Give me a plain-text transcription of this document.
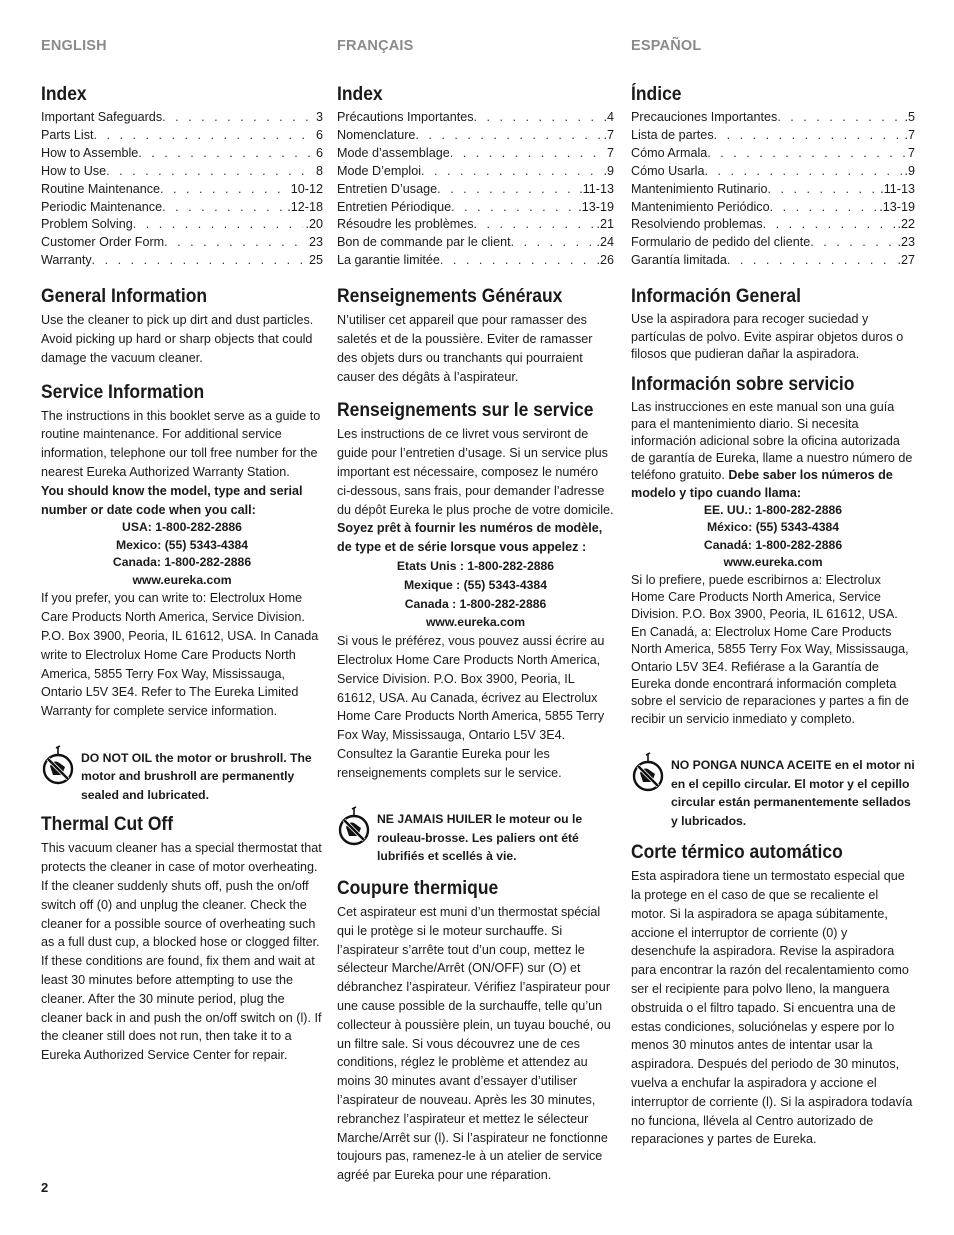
ENGLISH
Index
Important Safeguards . . .	3
Parts List . . .	6
How to Assemble . . .	6
How to Use . . .	8
Routine Maintenance . . .	10-12
Periodic Maintenance . . .	.12-18
Problem Solving . . .	.20
Customer Order Form . . .	23
Warranty . . .	25
General Information

Use the cleaner to pick up dirt and dust particles. Avoid picking up hard or sharp objects that could damage the vacuum cleaner.

Service Information

The instructions in this booklet serve as a guide to routine maintenance. For additional service information, telephone our toll free number for the nearest Eureka Authorized Warranty Station.
You should know the model, type and serial number or date code when you call:

USA: 1-800-282-2886
Mexico: (55) 5343-4384
Canada: 1-800-282-2886
www.eureka.com

If you prefer, you can write to: Electrolux Home Care Products North America, Service Division. P.O. Box 3900, Peoria, IL 61612, USA. In Canada write to Electrolux Home Care Products North America, 5855 Terry Fox Way, Mississauga, Ontario L5V 3E4. Refer to The Eureka Limited Warranty for complete service information.

DO NOT OIL the motor or brushroll. The motor and brushroll are permanently sealed and lubricated.

Thermal Cut Off

This vacuum cleaner has a special thermostat that protects the cleaner in case of motor overheating. If the cleaner suddenly shuts off, push the on/off switch off (0) and unplug the cleaner. Check the cleaner for a possible source of overheating such as a full dust cup, a blocked hose or clogged filter. If these conditions are found, fix them and wait at least 30 minutes before attempting to use the cleaner. After the 30 minute period, plug the cleaner back in and push the on/off switch on (l). If the cleaner still does not run, then take it to a Eureka Authorized Service Center for repair.

FRANÇAIS
Index
Précautions Importantes . . .	.4
Nomenclature . . .	.7
Mode d’assemblage . . .	7
Mode D’emploi . . .	.9
Entretien D’usage . . .	.11-13
Entretien Périodique . . .	.13-19
Résoudre les problèmes . . .	.21
Bon de commande par le client . . .	.24
La garantie limitée . . .	.26
Renseignements Généraux

N’utiliser cet appareil que pour ramasser des saletés et de la poussière. Eviter de ramasser des objets durs ou tranchants qui pourraient causer des dégâts à l’aspirateur.

Renseignements sur le service

Les instructions de ce livret vous serviront de guide pour l’entretien d’usage. Si un service plus important est nécessaire, composez le numéro ci-dessous, sans frais, pour demander l’adresse du dépôt Eureka le plus proche de votre domicile. Soyez prêt à fournir les numéros de modèle, de type et de série lorsque vous appelez :

Etats Unis : 1-800-282-2886
Mexique : (55) 5343-4384
Canada : 1-800-282-2886
www.eureka.com

Si vous le préférez, vous pouvez aussi écrire au Electrolux Home Care Products North America, Service Division. P.O. Box 3900, Peoria, IL 61612, USA. Au Canada, écrivez au Electrolux Home Care Products North America, 5855 Terry Fox Way, Mississauga, Ontario L5V 3E4. Consultez la Garantie Eureka pour les renseignements complets sur le service.

NE JAMAIS HUILER le moteur ou le rouleau-brosse. Les paliers ont été lubrifiés et scellés à vie.

Coupure thermique

Cet aspirateur est muni d’un thermostat spécial qui le protège si le moteur surchauffe. Si l’aspirateur s’arrête tout d’un coup, mettez le sélecteur Marche/Arrêt (ON/OFF) sur (O) et débranchez l’aspirateur. Vérifiez l’aspirateur pour une cause possible de la surchauffe, telle qu’un collecteur à poussière plein, un tuyau bouché, ou un filtre sale. Si vous découvrez une de ces conditions, réglez le problème et attendez au moins 30 minutes avant d’essayer d’utiliser l’aspirateur de nouveau. Après les 30 minutes, rebranchez l’aspirateur et mettez le sélecteur Marche/Arrêt sur (l). Si l’aspirateur ne fonctionne toujours pas, ramenez-le à un atelier de service agréé par Eureka pour une réparation.

ESPAÑOL
Índice
Precauciones Importantes . . .	.5
Lista de partes . . .	.7
Cómo Armala . . .	7
Cómo Usarla . . .	.9
Mantenimiento Rutinario . . .	.11-13
Mantenimiento Periódico . . .	.13-19
Resolviendo problemas . . .	.22
Formulario de pedido del cliente . . .	.23
Garantía limitada . . .	.27
Información General

Use la aspiradora para recoger suciedad y partículas de polvo. Evite aspirar objetos duros o filosos que pudieran dañar la aspiradora.

Información sobre servicio

Las instrucciones en este manual son una guía para el mantenimiento diario. Si necesita información adicional sobre la oficina autorizada de garantía de Eureka, llame a nuestro número de teléfono gratuito. Debe saber los números de modelo y tipo cuando llama:

EE. UU.: 1-800-282-2886
México: (55) 5343-4384
Canadá: 1-800-282-2886
www.eureka.com

Si lo prefiere, puede escribirnos a: Electrolux Home Care Products North America, Service Division. P.O. Box 3900, Peoria, IL 61612, USA. En Canadá, a: Electrolux Home Care Products North America, 5855 Terry Fox Way, Mississauga, Ontario L5V 3E4. Refiérase a la Garantía de Eureka donde encontrará información completa sobre el servicio de reparaciones y partes a fin de recibir un servicio inmediato y completo.

NO PONGA NUNCA ACEITE en el motor ni en el cepillo circular. El motor y el cepillo circular están permanentemente sellados y lubricados.

Corte térmico automático

Esta aspiradora tiene un termostato especial que la protege en el caso de que se recaliente el motor. Si la aspiradora se apaga súbitamente, accione el interruptor de corriente (0) y desenchufe la aspiradora. Revise la aspiradora para encontrar la razón del recalentamiento como ser el recipiente para polvo lleno, la manguera obstruida o el filtro tapado. Si encuentra una de estas condiciones, soluciónelas y espere por lo menos 30 minutos antes de intentar usar la aspiradora. Después del periodo de 30 minutos, vuelva a enchufar la aspiradora y accione el interruptor de corriente (l). Si la aspiradora todavía no funciona, llévela al Centro autorizado de reparaciones y partes de Eureka.

2
